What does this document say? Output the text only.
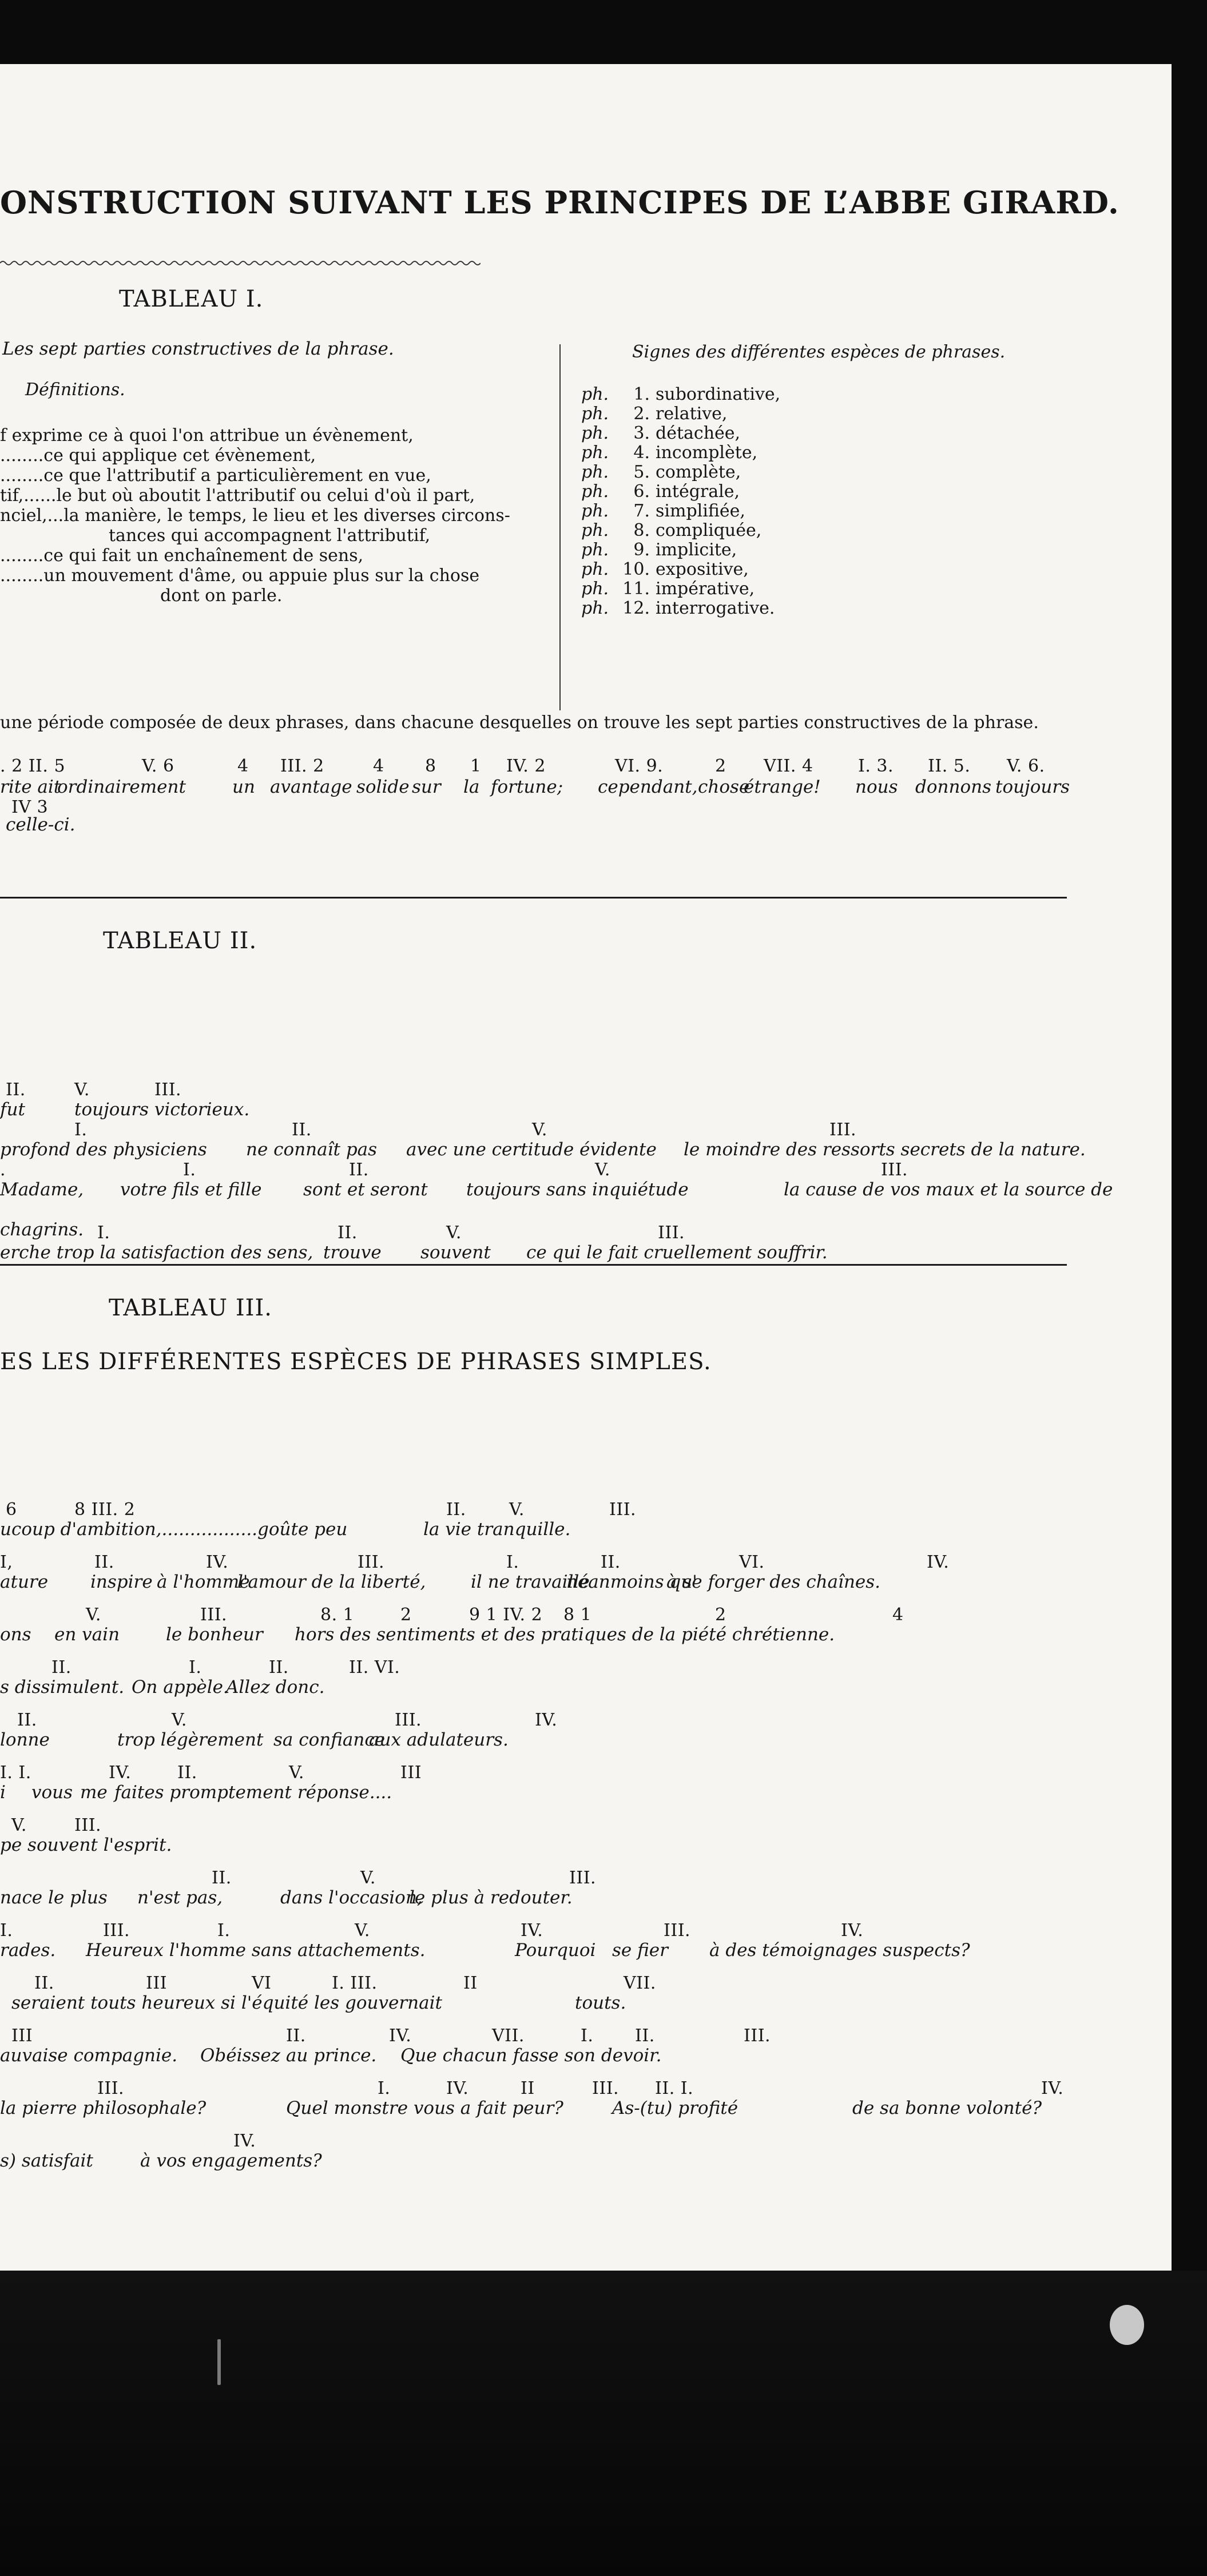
ONSTRUCTION SUIVANT LES PRINCIPES DE L’ABBE GIRARD.
TABLEAU I.
Les sept parties constructives de la phrase.
Définitions.
f exprime ce à quoi l'on attribue un évènement,
........ce qui applique cet évènement,
........ce que l'attributif a particulièrement en vue,
tif,......le but où aboutit l'attributif ou celui d'où il part,
nciel,...la manière, le temps, le lieu et les diverses circons-
tances qui accompagnent l'attributif,
........ce qui fait un enchaînement de sens,
........un mouvement d'âme, ou appuie plus sur la chose
dont on parle.
Signes des différentes espèces de phrases.
ph. 1. subordinative,
ph. 2. relative,
ph. 3. détachée,
ph. 4. incomplète,
ph. 5. complète,
ph. 6. intégrale,
ph. 7. simplifiée,
ph. 8. compliquée,
ph. 9. implicite,
ph. 10. expositive,
ph. 11. impérative,
ph. 12. interrogative.
une période composée de deux phrases, dans chacune desquelles on trouve les sept parties constructives de la phrase.
. 2 II. 5	V. 6	4 III. 2	4 8 1 IV. 2	VI. 9.	2 VII. 4	I. 3. II. 5. V. 6.
rite ait
ordinairement	un avantage solide sur la fortune; cependant, chose
étrange! nous donnons toujours
IV 3
celle-ci.
TABLEAU II.
II.	V.	III.
fut	toujours victorieux.
I.	II.	V.	III.
profond des physiciens ne connaît pas avec une certitude évidente le moindre des ressorts secrets de la nature.
.	I.	II.	V.	III.
Madame, votre fils et fille sont et seront toujours sans inquiétude	la cause de vos maux et la source de
chagrins. I.	II.	V.	III.
erche trop la satisfaction des sens, trouve souvent ce qui le fait cruellement souffrir.
TABLEAU III.
ES LES DIFFÉRENTES ESPÈCES DE PHRASES SIMPLES.
6	8 III. 2	II.	V.	III.
ucoup d'ambition,.................goûte peu	la vie tranquille.
I,	II.	IV.	III.	I.	II.	VI.	IV.
ature inspire à l'homme
l'amour de la liberté,	il ne travaille
néanmoins qu'
à se forger des chaînes.
V.	III.	8. 1	2	9 1 IV. 2 8 1	2	4
ons en vain	le bonheur hors des sentiments et des pratiques de la piété chrétienne.
II.	I.	II.	II. VI.
s dissimulent. On appèle.
Allez donc.
II.	V.	III.	IV.
lonne	trop légèrement sa confiance
aux adulateurs.
I. I.	IV.	II.	V.	III
i vous me faites promptement réponse....
V.	III.
pe souvent l'esprit.
II.	V.	III.
nace le plus n'est pas,	dans l'occasion,
le plus à redouter.
I.	III.	I.	V.	IV.	III.	IV.
rades. Heureux l'homme sans attachements.	Pourquoi se fier à des témoignages suspects?
II.	III	VI	I. III.	II	VII.
seraient touts heureux si l'équité les gouvernait	touts.
III	II.	IV.	VII.	I. II.	III.
auvaise compagnie. Obéissez au prince. Que chacun fasse son devoir.
III.	I.	IV.	II	III. II. I.	IV.
la pierre philosophale?	Quel monstre vous a fait peur?	As-(tu) profité	de sa bonne volonté?
IV.
s) satisfait	à vos engagements?
